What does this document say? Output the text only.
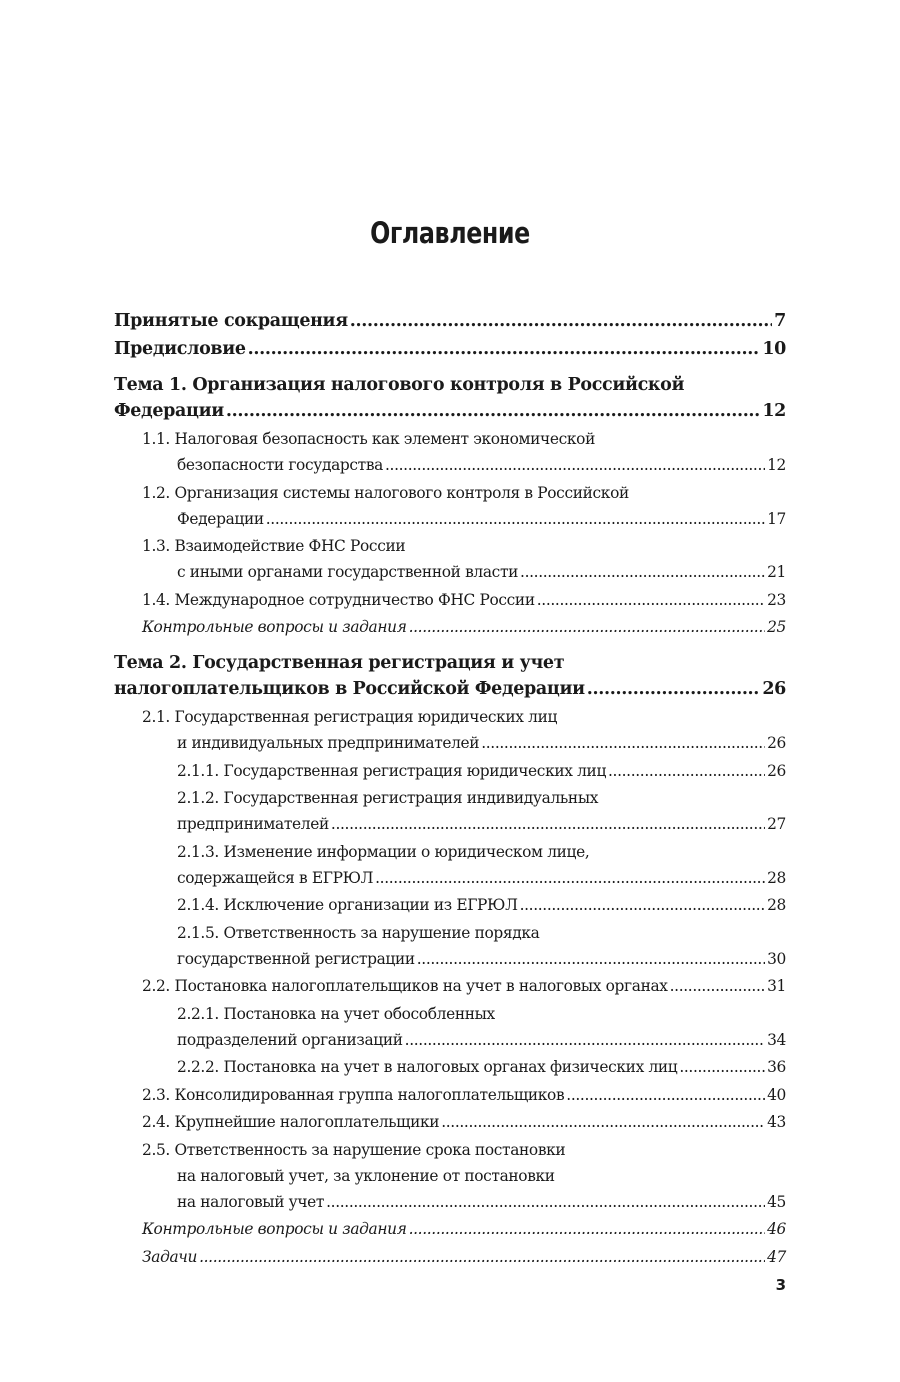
Оглавление
Принятые сокращения .....	7
Предисловие .....	10
Тема 1. Организация налогового контроля в Российской
Федерации .....	12
1.1. Налоговая безопасность как элемент экономической
безопасности государства .....	12
1.2. Организация системы налогового контроля в Российской
Федерации .....	17
1.3. Взаимодействие ФНС России
с иными органами государственной власти .....	21
1.4. Международное сотрудничество ФНС России .....	23
Контрольные вопросы и задания .....	25
Тема 2. Государственная регистрация и учет
налогоплательщиков в Российской Федерации .....	26
2.1. Государственная регистрация юридических лиц
и индивидуальных предпринимателей .....	26
2.1.1. Государственная регистрация юридических лиц .....	26
2.1.2. Государственная регистрация индивидуальных
предпринимателей .....	27
2.1.3. Изменение информации о юридическом лице,
содержащейся в ЕГРЮЛ .....	28
2.1.4. Исключение организации из ЕГРЮЛ .....	28
2.1.5. Ответственность за нарушение порядка
государственной регистрации .....	30
2.2. Постановка налогоплательщиков на учет в налоговых органах .....	31
2.2.1. Постановка на учет обособленных
подразделений организаций .....	34
2.2.2. Постановка на учет в налоговых органах физических лиц .....	36
2.3. Консолидированная группа налогоплательщиков .....	40
2.4. Крупнейшие налогоплательщики .....	43
2.5. Ответственность за нарушение срока постановки
на налоговый учет, за уклонение от постановки
на налоговый учет .....	45
Контрольные вопросы и задания .....	46
Задачи .....	47
3
